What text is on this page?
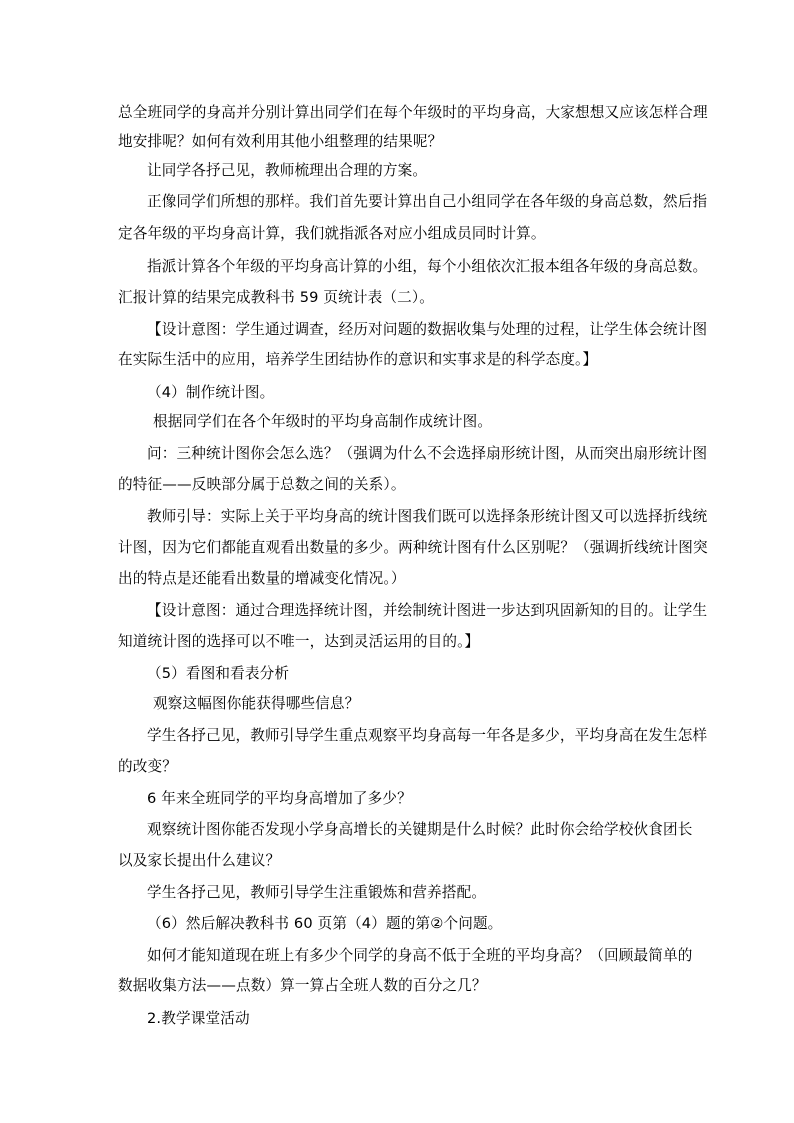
总全班同学的身高并分别计算出同学们在每个年级时的平均身高，大家想想又应该怎样合理
地安排呢？如何有效利用其他小组整理的结果呢？
让同学各抒己见，教师梳理出合理的方案。
正像同学们所想的那样。我们首先要计算出自己小组同学在各年级的身高总数，然后指
定各年级的平均身高计算，我们就指派各对应小组成员同时计算。
指派计算各个年级的平均身高计算的小组，每个小组依次汇报本组各年级的身高总数。
汇报计算的结果完成教科书 59 页统计表（二）。
【设计意图：学生通过调查，经历对问题的数据收集与处理的过程，让学生体会统计图
在实际生活中的应用，培养学生团结协作的意识和实事求是的科学态度。】
（4）制作统计图。
根据同学们在各个年级时的平均身高制作成统计图。
问：三种统计图你会怎么选？（强调为什么不会选择扇形统计图，从而突出扇形统计图
的特征——反映部分属于总数之间的关系）。
教师引导：实际上关于平均身高的统计图我们既可以选择条形统计图又可以选择折线统
计图，因为它们都能直观看出数量的多少。两种统计图有什么区别呢？（强调折线统计图突
出的特点是还能看出数量的增减变化情况。）
【设计意图：通过合理选择统计图，并绘制统计图进一步达到巩固新知的目的。让学生
知道统计图的选择可以不唯一，达到灵活运用的目的。】
（5）看图和看表分析
观察这幅图你能获得哪些信息？
学生各抒己见，教师引导学生重点观察平均身高每一年各是多少，平均身高在发生怎样
的改变？
6 年来全班同学的平均身高增加了多少？
观察统计图你能否发现小学身高增长的关键期是什么时候？此时你会给学校伙食团长
以及家长提出什么建议？
学生各抒己见，教师引导学生注重锻炼和营养搭配。
（6）然后解决教科书 60 页第（4）题的第②个问题。
如何才能知道现在班上有多少个同学的身高不低于全班的平均身高？（回顾最简单的
数据收集方法——点数）算一算占全班人数的百分之几？
2.教学课堂活动
